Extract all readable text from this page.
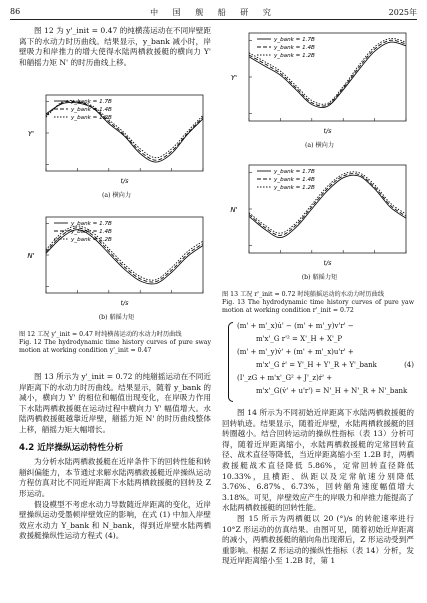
86	中 国 舰 船 研 究	2025年

图 12 为 y'_init = 0.47 的纯横荡运动在不同岸壁距离下的水动力时历曲线。结果显示，y_bank 减小时，岸壁吸力和岸推力的增大使得水陆两栖救援艇的横向力 Y' 和艏摇力矩 N' 的时历曲线上移。

Y'
t/s
y_bank = 1.7B
y_bank = 1.4B
y_bank = 1.2B
(a) 横向力
N'
t/s
y_bank = 1.7B
y_bank = 1.4B
y_bank = 1.2B
(b) 艏摇力矩
图 12 工况 y'_init = 0.47 时纯横荡运动的水动力时历曲线
Fig. 12 The hydrodynamic time history curves of pure sway motion at working condition y'_init = 0.47

图 13 所示为 y'_init = 0.72 的纯艏摇运动在不同近岸距离下的水动力时历曲线。结果显示，随着 y_bank 的减小，横向力 Y' 的相位和幅值出现变化，在岸吸力作用下水陆两栖救援艇在运动过程中横向力 Y' 幅值增大。水陆两栖救援艇越靠近岸壁，艏摇力矩 N' 的时历曲线整体上移，艏摇力矩大幅增长。

4.2 近岸操纵运动特性分析

为分析水陆两栖救援艇在近岸条件下的回转性能和转艏纠偏能力，本节通过求解水陆两栖救援艇近岸操纵运动方程仿真对比不同近岸距离下水陆两栖救援艇的回转及 Z 形运动。

假设模型不考虑水动力导数随近岸距离的变化，近岸壁操纵运动受墨顿岸壁效应的影响，在式 (1) 中加入岸壁效应水动力 Y_bank 和 N_bank，得到近岸壁水陆两栖救援艇操纵性运动方程式 (4)。

Y'
t/s
y_bank = 1.7B
y_bank = 1.4B
y_bank = 1.2B
(a) 横向力
N'
t/s
y_bank = 1.7B
y_bank = 1.4B
y_bank = 1.2B
(b) 艏摇力矩
图 13 工况 r'_init = 0.72 时纯艏摇运动的水动力时历曲线
Fig. 13 The hydrodynamic time history curves of pure yaw motion at working condition r'_init = 0.72
(m' + m'_x)u̇' − (m' + m'_y)v'r' −
m'x'_G r'² = X'_H + X'_P
(m' + m'_y)v̇' + (m' + m'_x)u'r' +
m'x'_G ṙ' = Y'_H + Y'_R + Y'_bank
(I'_zG + m'x'_G² + J'_z)ṙ' +
m'x'_G(v̇' + u'r') = N'_H + N'_R + N'_bank
(4)

图 14 所示为不同初始近岸距离下水陆两栖救援艇的回转轨迹。结果显示，随着近岸壁，水陆两栖救援艇的回转圈越小。结合回转运动的操纵性指标（表 13）分析可得，随着近岸距离缩小，水陆两栖救援艇的定常回转直径、战术直径等降低，当近岸距离缩小至 1.2B 时，两栖救援艇战术直径降低 5.86%，定常回转直径降低 10.33%，且横距、纵距以及定常航速分别降低 3.76%、6.87%、6.73%，回转艏角速度幅值增大 3.18%。可见，岸壁效应产生的岸吸力和岸推力能提高了水陆两栖救援艇的回转性能。

图 15 所示为两栖艇以 20 (°)/s 的转舵速率进行 10°Z 形运动的仿真结果。由图可见，随着初始近岸距离的减小，两栖救援艇的艏向角出现滞后，Z 形运动受到严重影响。根据 Z 形运动的操纵性指标（表 14）分析，发现近岸距离缩小至 1.2B 时，第 1
